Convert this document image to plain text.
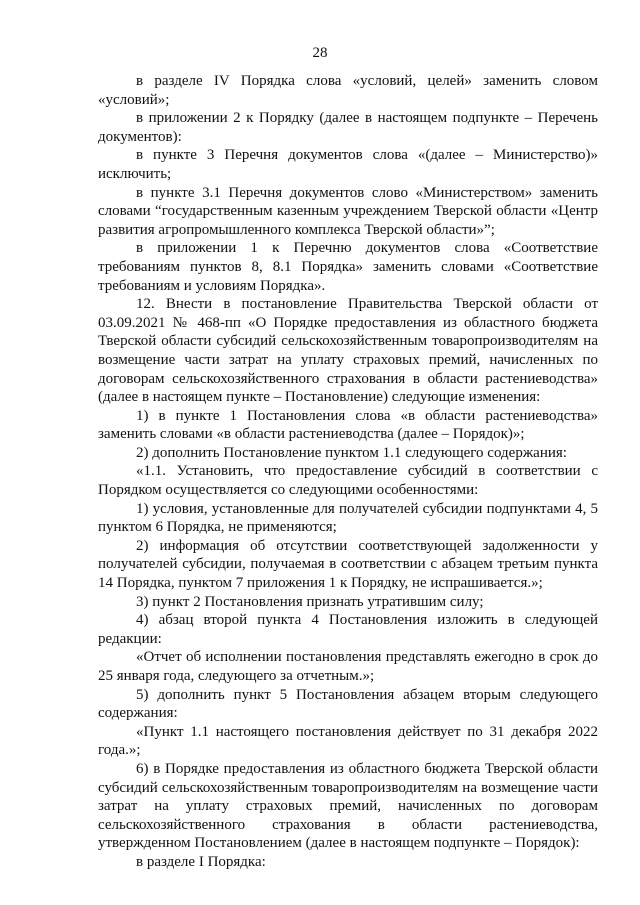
28

в разделе IV Порядка слова «условий, целей» заменить словом «условий»;

в приложении 2 к Порядку (далее в настоящем подпункте – Перечень документов):

в пункте 3 Перечня документов слова «(далее – Министерство)» исключить;

в пункте 3.1 Перечня документов слово «Министерством» заменить словами “государственным казенным учреждением Тверской области «Центр развития агропромышленного комплекса Тверской области»”;

в приложении 1 к Перечню документов слова «Соответствие требованиям пунктов 8, 8.1 Порядка» заменить словами «Соответствие требованиям и условиям Порядка».

12. Внести в постановление Правительства Тверской области от 03.09.2021 № 468-пп «О Порядке предоставления из областного бюджета Тверской области субсидий сельскохозяйственным товаропроизводителям на возмещение части затрат на уплату страховых премий, начисленных по договорам сельскохозяйственного страхования в области растениеводства» (далее в настоящем пункте – Постановление) следующие изменения:

1) в пункте 1 Постановления слова «в области растениеводства» заменить словами «в области растениеводства (далее – Порядок)»;

2) дополнить Постановление пунктом 1.1 следующего содержания:

«1.1. Установить, что предоставление субсидий в соответствии с Порядком осуществляется со следующими особенностями:

1) условия, установленные для получателей субсидии подпунктами 4, 5 пунктом 6 Порядка, не применяются;

2) информация об отсутствии соответствующей задолженности у получателей субсидии, получаемая в соответствии с абзацем третьим пункта 14 Порядка, пунктом 7 приложения 1 к Порядку, не испрашивается.»;

3) пункт 2 Постановления признать утратившим силу;

4) абзац второй пункта 4 Постановления изложить в следующей редакции:

«Отчет об исполнении постановления представлять ежегодно в срок до 25 января года, следующего за отчетным.»;

5) дополнить пункт 5 Постановления абзацем вторым следующего содержания:

«Пункт 1.1 настоящего постановления действует по 31 декабря 2022 года.»;

6) в Порядке предоставления из областного бюджета Тверской области субсидий сельскохозяйственным товаропроизводителям на возмещение части затрат на уплату страховых премий, начисленных по договорам сельскохозяйственного страхования в области растениеводства, утвержденном Постановлением (далее в настоящем подпункте – Порядок):

в разделе I Порядка:
